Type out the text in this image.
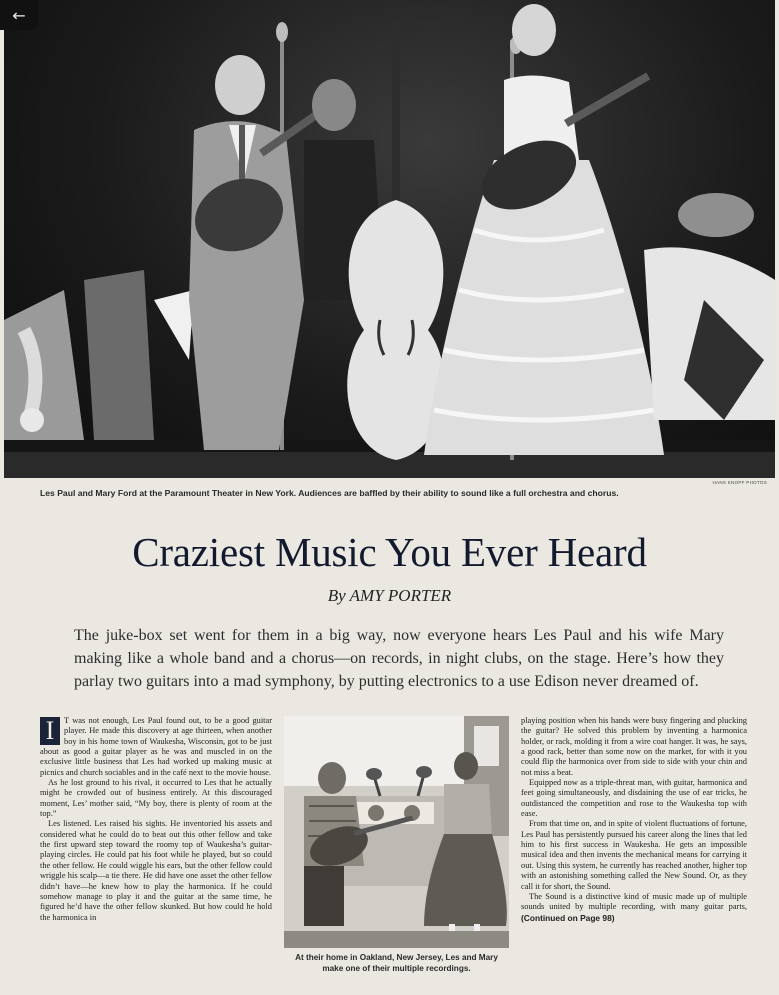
←
HANS KNOPF PHOTOS
Les Paul and Mary Ford at the Paramount Theater in New York. Audiences are baffled by their ability to sound like a full orchestra and chorus.
Craziest Music You Ever Heard
By AMY PORTER
The juke-box set went for them in a big way, now everyone hears Les Paul and his wife Mary making like a whole band and a chorus—on records, in night clubs, on the stage. Here’s how they parlay two guitars into a mad symphony, by putting electronics to a use Edison never dreamed of.
I	T was not enough, Les Paul found out, to be a good guitar player. He made this discovery at age thirteen, when another boy in his home town of Waukesha, Wisconsin, got to be just about as good a guitar player as he was and muscled in on the exclusive little business that Les had worked up making music at picnics and church sociables and in the café next to the movie house.

As he lost ground to his rival, it occurred to Les that he actually might be crowded out of business entirely. At this discouraged moment, Les’ mother said, “My boy, there is plenty of room at the top.”

Les listened. Les raised his sights. He inventoried his assets and considered what he could do to beat out this other fellow and take the first upward step toward the roomy top of Waukesha’s guitar-playing circles. He could pat his foot while he played, but so could the other fellow. He could wiggle his ears, but the other fellow could wriggle his scalp—a tie there. He did have one asset the other fellow didn’t have—he knew how to play the harmonica. If he could somehow manage to play it and the guitar at the same time, he figured he’d have the other fellow skunked. But how could he hold the harmonica in

At their home in Oakland, New Jersey, Les and Mary make one of their multiple recordings.

playing position when his hands were busy fingering and plucking the guitar? He solved this problem by inventing a harmonica holder, or rack, molding it from a wire coat hanger. It was, he says, a good rack, better than some now on the market, for with it you could flip the harmonica over from side to side with your chin and not miss a beat.

Equipped now as a triple-threat man, with guitar, harmonica and feet going simultaneously, and disdaining the use of ear tricks, he outdistanced the competition and rose to the Waukesha top with ease.

From that time on, and in spite of violent fluctuations of fortune, Les Paul has persistently pursued his career along the lines that led him to his first success in Waukesha. He gets an impossible musical idea and then invents the mechanical means for carrying it out. Using this system, he currently has reached another, higher top with an astonishing something called the New Sound. Or, as they call it for short, the Sound.

The Sound is a distinctive kind of music made up of multiple sounds united by multiple recording, with many guitar parts, (Continued on Page 98)
